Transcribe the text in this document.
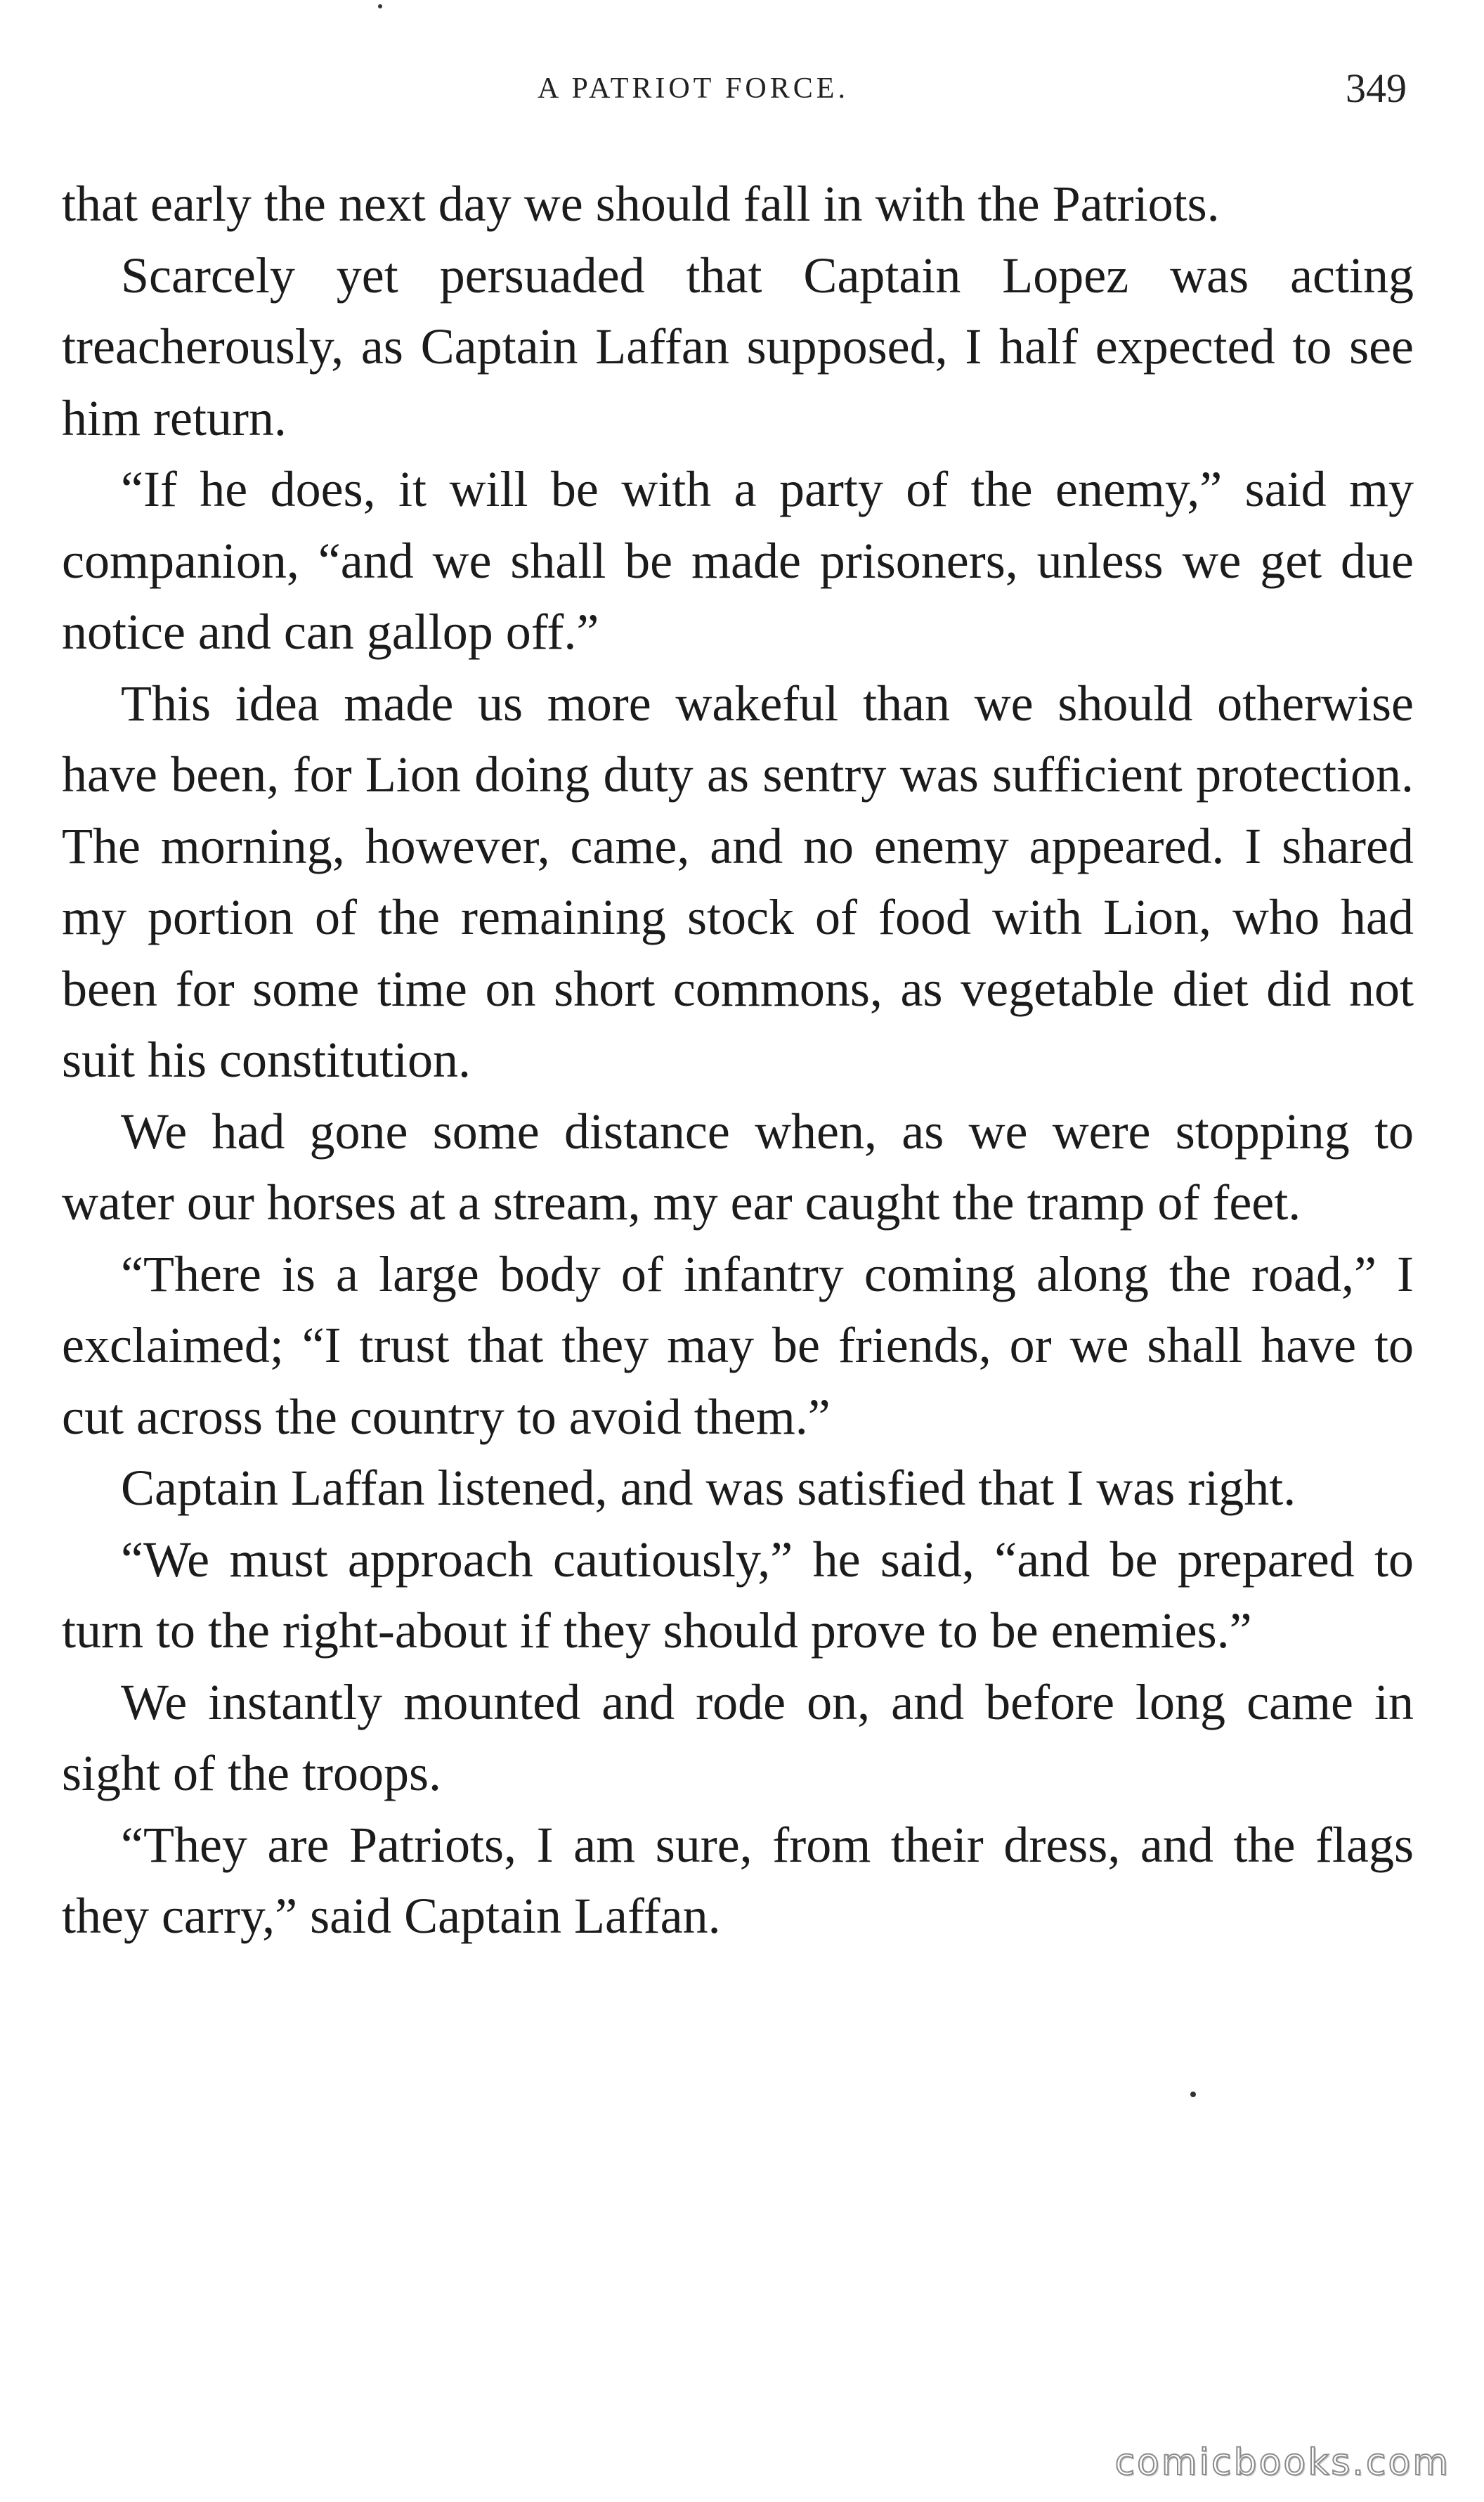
A PATRIOT FORCE.	349

that early the next day we should fall in with the Patriots.

Scarcely yet persuaded that Captain Lopez was acting treacherously, as Captain Laffan supposed, I half expected to see him return.

“If he does, it will be with a party of the enemy,” said my companion, “and we shall be made prisoners, unless we get due notice and can gallop off.”

This idea made us more wakeful than we should otherwise have been, for Lion doing duty as sentry was sufficient protection. The morning, however, came, and no enemy appeared. I shared my portion of the remaining stock of food with Lion, who had been for some time on short commons, as vegetable diet did not suit his constitution.

We had gone some distance when, as we were stopping to water our horses at a stream, my ear caught the tramp of feet.

“There is a large body of infantry coming along the road,” I exclaimed; “I trust that they may be friends, or we shall have to cut across the country to avoid them.”

Captain Laffan listened, and was satisfied that I was right.

“We must approach cautiously,” he said, “and be prepared to turn to the right-about if they should prove to be enemies.”

We instantly mounted and rode on, and before long came in sight of the troops.

“They are Patriots, I am sure, from their dress, and the flags they carry,” said Captain Laffan.

comicbooks.com
